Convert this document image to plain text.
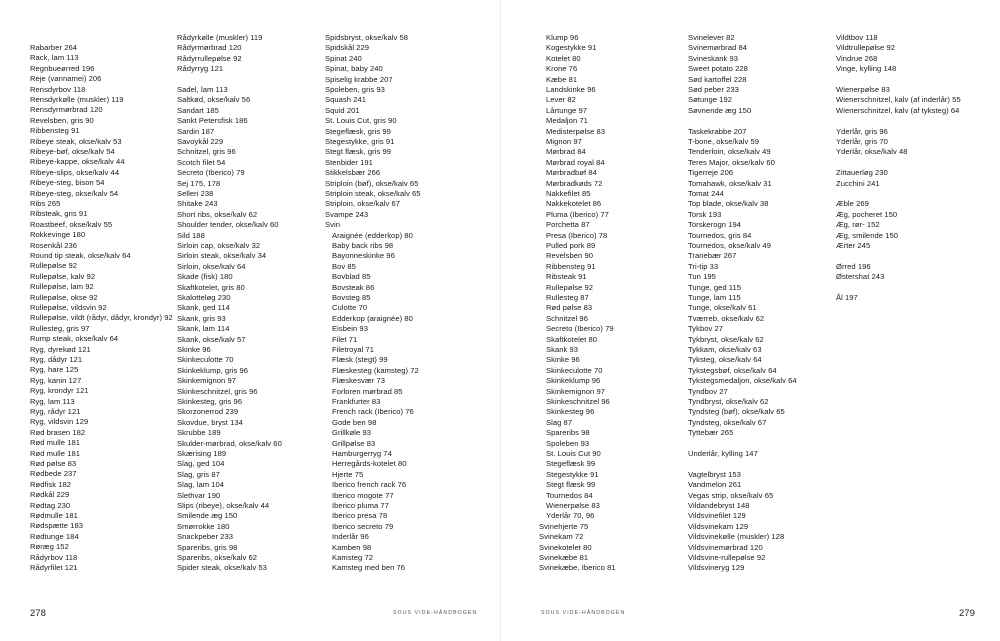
Rabarber 264
Rack, lam 113
Regnbueørred 196
Reje (vannamei) 206
Rensdyrbov 118
Rensdyrkølle (muskler) 119
Rensdyrmørbrad 120
Revelsben, gris 90
Ribbensteg 91
Ribeye steak, okse/kalv 53
Ribeye-bøf, okse/kalv 54
Ribeye-kappe, okse/kalv 44
Ribeye-slips, okse/kalv 44
Ribeye-steg, bison 54
Ribeye-steg, okse/kalv 54
Ribs 265
Ribsteak, gris 91
Roastbeef, okse/kalv 55
Rokkevinge 180
Rosenkål 236
Round tip steak, okse/kalv 64
Rullepølse 92
Rullepølse, kalv 92
Rullepølse, lam 92
Rullepølse, okse 92
Rullepølse, vildsvin 92
Rullepølse, vildt (rådyr, dådyr, krondyr) 92
Rullesteg, gris 97
Rump steak, okse/kalv 64
Ryg, dyrekød 121
Ryg, dådyr 121
Ryg, hare 125
Ryg, kanin 127
Ryg, krondyr 121
Ryg, lam 113
Ryg, rådyr 121
Ryg, vildsvin 129
Rød brasen 182
Rød mulle 181
Rød mulle 181
Rød pølse 83
Rødbede 237
Rødfisk 182
Rødkål 229
Rødtag 230
Rødmulle 181
Rødspætte 183
Rødtunge 184
Røræg 152
Rådyrbov 118
Rådyrfilet 121
Rådyrkølle (muskler) 119
Rådyrmørbrad 120
Rådyrrullepølse 92
Rådyrryg 121
Sadel, lam 113
Saltkød, okse/kalv 56
Sandart 185
Sankt Petersfisk 186
Sardin 187
Savoykål 229
Schnitzel, gris 96
Scotch filet 54
Secreto (Iberico) 79
Sej 175, 178
Selleri 238
Shitake 243
Short ribs, okse/kalv 62
Shoulder tender, okse/kalv 60
Sild 188
Sirloin cap, okse/kalv 32
Sirloin steak, okse/kalv 34
Sirloin, okse/kalv 64
Skade (fisk) 180
Skaftkotelet, gris 80
Skalotteløg 230
Skank, ged 114
Skank, gris 93
Skank, lam 114
Skank, okse/kalv 57
Skinke 96
Skinkeculotte 70
Skinkeklump, gris 96
Skinkemignon 97
Skinkeschnitzel, gris 96
Skinkesteg, gris 96
Skorzonerrod 239
Skovdue, bryst 134
Skrubbe 189
Skulder-mørbrad, okse/kalv 60
Skærising 189
Slag, ged 104
Slag, gris 87
Slag, lam 104
Slethvar 190
Slips (ribeye), okse/kalv 44
Smilende æg 150
Smørrokke 180
Snackpeber 233
Spareribs, gris 98
Spareribs, okse/kalv 62
Spider steak, okse/kalv 53
Spidsbryst, okse/kalv 58
Spidskål 229
Spinat 240
Spinat, baby 240
Spiselig krabbe 207
Spoleben, gris 93
Squash 241
Squid 201
St. Louis Cut, gris 90
Stegeflæsk, gris 99
Stegestykke, gris 91
Stegt flæsk, gris 99
Stenbider 191
Stikkelsbær 266
Striploin (bøf), okse/kalv 65
Striploin steak, okse/kalv 65
Striploin, okse/kalv 67
Svampe 243
Svin
Araignée (edderkop) 80
Baby back ribs 98
Bayonneskinke 96
Bov 85
Bovblad 85
Bovsteak 86
Bovsteg 85
Culotte 70
Edderkop (araignée) 80
Eisbein 93
Filet 71
Filetroyal 71
Flæsk (stegt) 99
Flæskesteg (kamsteg) 72
Flæskesvær 73
Forloren mørbrad 85
Frankfurter 83
French rack (Iberico) 76
Gode ben 98
Grillkøle 93
Grillpølse 83
Hamburgerryg 74
Herregårds-kotelet 80
Hjerte 75
Iberico french rack 76
Iberico mogote 77
Iberico pluma 77
Iberico presa 78
Iberico secreto 79
Inderlår 96
Kamben 98
Kamsteg 72
Kamsteg med ben 76
278	SOUS VIDE-HÅNDBOGEN
Klump 96
Kogestykke 91
Kotelet 80
Krone 76
Kæbe 81
Landskinke 96
Lever 82
Lårtunge 97
Medaljon 71
Medisterpølse 83
Mignon 97
Mørbrad 84
Mørbrad royal 84
Mørbradbøf 84
Mørbradkøds 72
Nakkefilet 85
Nakkekotelet 86
Pluma (Iberico) 77
Porchetta 87
Presa (Iberico) 78
Pulled pork 89
Revelsben 90
Ribbensteg 91
Ribsteak 91
Rullepølse 92
Rullesteg 87
Rød pølse 83
Schnitzel 96
Secreto (Iberico) 79
Skaftkotelet 80
Skank 93
Skinke 96
Skinkeculotte 70
Skinkeklump 96
Skinkemignon 97
Skinkeschnitzel 96
Skinkesteg 96
Slag 87
Spareribs 98
Spoleben 93
St. Louis Cut 90
Stegeflæsk 99
Stegestykke 91
Stegt flæsk 99
Tournedos 84
Wienerpølse 83
Yderlår 70, 96
Svinehjerte 75
Svinekam 72
Svinekotelet 80
Svinekæbe 81
Svinekæbe, Iberico 81
Svinelever 82
Svinemørbrad 84
Svineskank 93
Sweet potato 228
Sød kartoffel 228
Sød peber 233
Søtunge 192
Søvnende æg 150
Taskekrabbe 207
T-bone, okse/kalv 59
Tenderloin, okse/kalv 49
Teres Major, okse/kalv 60
Tigerreje 206
Tomahawk, okse/kalv 31
Tomat 244
Top blade, okse/kalv 38
Torsk 193
Torskerogn 194
Tournedos, gris 84
Tournedos, okse/kalv 49
Tranebær 267
Tri-tip 33
Tun 195
Tunge, ged 115
Tunge, lam 115
Tunge, okse/kalv 61
Tværreb, okse/kalv 62
Tykbov 27
Tykbryst, okse/kalv 62
Tykkam, okse/kalv 63
Tyksteg, okse/kalv 64
Tykstegsbøf, okse/kalv 64
Tykstegsmedaljon, okse/kalv 64
Tyndbov 27
Tyndbryst, okse/kalv 62
Tyndsteg (bøf), okse/kalv 65
Tyndsteg, okse/kalv 67
Tyttebær 265
Underlår, kylling 147
Vagtelbryst 153
Vandmelon 261
Vegas strip, okse/kalv 65
Vildandebryst 148
Vildsvinefilet 129
Vildsvinekam 129
Vildsvinekølle (muskler) 128
Vildsvinemørbrad 120
Vildsvine-rullepølse 92
Vildsvineryg 129
Vildtbov 118
Vildtrullepølse 92
Vindrue 268
Vinge, kylling 148
Wienerpølse 83
Wienerschnitzel, kalv (af inderlår) 55
Wienerschnitzel, kalv (af tyksteg) 64
Yderlår, gris 96
Yderlår, gris 70
Yderlår, okse/kalv 48
Zittauerløg 230
Zucchini 241
Æble 269
Æg, pocheret 150
Æg, rør- 152
Æg, smilende 150
Ærter 245
Ørred 196
Østershat 243
Ål 197
SOUS VIDE-HÅNDBOGEN	279
